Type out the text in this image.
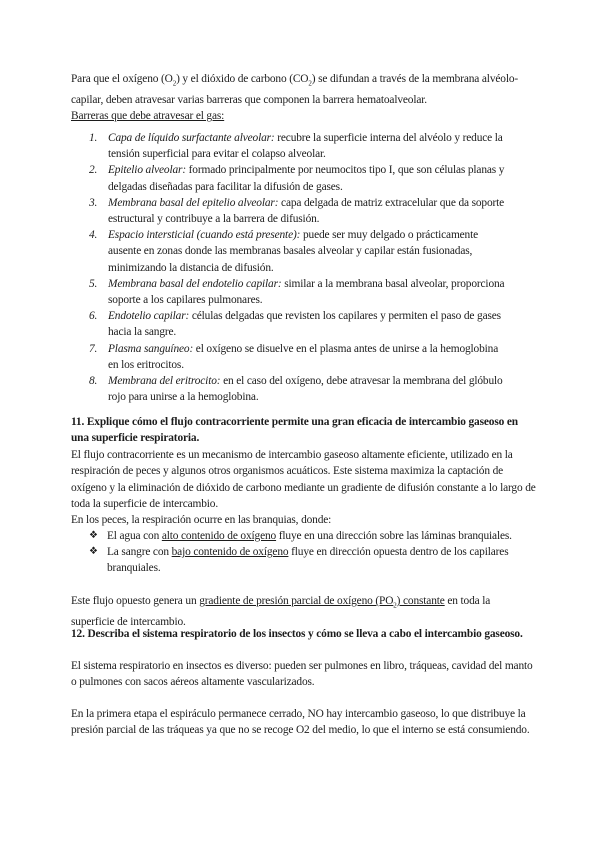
Para que el oxígeno $(O_2)$ y el dióxido de carbono $(CO_2)$ se difundan a través de la membrana alvéolo-capilar, deben atravesar varias barreras que componen la barrera hematoalveolar.
Barreras que debe atravesar el gas:
1. Capa de líquido surfactante alveolar: recubre la superficie interna del alvéolo y reduce la tensión superficial para evitar el colapso alveolar.
2. Epitelio alveolar: formado principalmente por neumocitos tipo I, que son células planas y delgadas diseñadas para facilitar la difusión de gases.
3. Membrana basal del epitelio alveolar: capa delgada de matriz extracelular que da soporte estructural y contribuye a la barrera de difusión.
4. Espacio intersticial (cuando está presente): puede ser muy delgado o prácticamente ausente en zonas donde las membranas basales alveolar y capilar están fusionadas, minimizando la distancia de difusión.
5. Membrana basal del endotelio capilar: similar a la membrana basal alveolar, proporciona soporte a los capilares pulmonares.
6. Endotelio capilar: células delgadas que revisten los capilares y permiten el paso de gases hacia la sangre.
7. Plasma sanguíneo: el oxígeno se disuelve en el plasma antes de unirse a la hemoglobina en los eritrocitos.
8. Membrana del eritrocito: en el caso del oxígeno, debe atravesar la membrana del glóbulo rojo para unirse a la hemoglobina.
11. Explique cómo el flujo contracorriente permite una gran eficacia de intercambio gaseoso en una superficie respiratoria.
El flujo contracorriente es un mecanismo de intercambio gaseoso altamente eficiente, utilizado en la respiración de peces y algunos otros organismos acuáticos. Este sistema maximiza la captación de oxígeno y la eliminación de dióxido de carbono mediante un gradiente de difusión constante a lo largo de toda la superficie de intercambio.
En los peces, la respiración ocurre en las branquias, donde:
❖ El agua con alto contenido de oxígeno fluye en una dirección sobre las láminas branquiales.
❖ La sangre con bajo contenido de oxígeno fluye en dirección opuesta dentro de los capilares branquiales.
Este flujo opuesto genera un gradiente de presión parcial de oxígeno $(PO_2)$ constante en toda la superficie de intercambio.
12. Describa el sistema respiratorio de los insectos y cómo se lleva a cabo el intercambio gaseoso.
El sistema respiratorio en insectos es diverso: pueden ser pulmones en libro, tráqueas, cavidad del manto o pulmones con sacos aéreos altamente vascularizados.
En la primera etapa el espiráculo permanece cerrado, NO hay intercambio gaseoso, lo que distribuye la presión parcial de las tráqueas ya que no se recoge O2 del medio, lo que el interno se está consumiendo.
